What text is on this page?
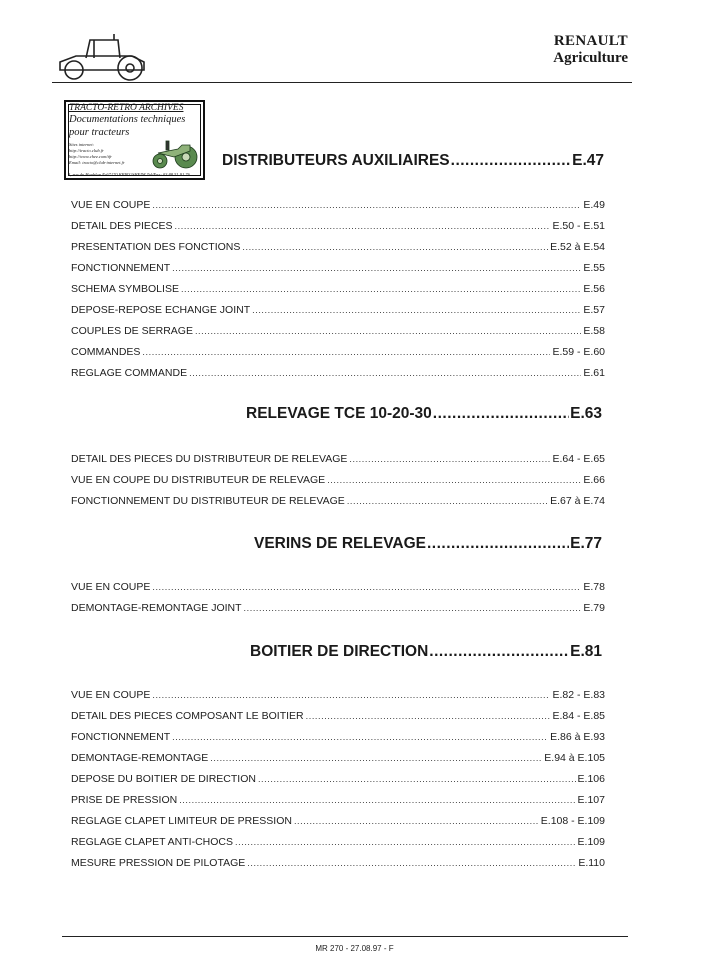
RENAULT
Agriculture
TRACTO-RETRO ARCHIVES
Documentations techniques
pour tracteurs
Sites internet:
http://tracto.club.fr
http://www.chez.com/tfr
Email: tracto@club-internet.fr
3, rue du Houblon F-67170 KRIEGSHEIM Tel/Fax: 03 88 51 91 76
DISTRIBUTEURS AUXILIAIRES .....	E.47
VUE EN COUPE .....	E.49
DETAIL DES PIECES .....	E.50 - E.51
PRESENTATION DES FONCTIONS .....	E.52 à E.54
FONCTIONNEMENT .....	E.55
SCHEMA SYMBOLISE .....	E.56
DEPOSE-REPOSE ECHANGE JOINT .....	E.57
COUPLES DE SERRAGE .....	E.58
COMMANDES .....	E.59 - E.60
REGLAGE COMMANDE .....	E.61
RELEVAGE TCE 10-20-30 .....	E.63
DETAIL DES PIECES DU DISTRIBUTEUR DE RELEVAGE .....	E.64 - E.65
VUE EN COUPE DU DISTRIBUTEUR DE RELEVAGE .....	E.66
FONCTIONNEMENT DU DISTRIBUTEUR DE RELEVAGE .....	E.67 à E.74
VERINS DE RELEVAGE .....	E.77
VUE EN COUPE .....	E.78
DEMONTAGE-REMONTAGE JOINT .....	E.79
BOITIER DE DIRECTION .....	E.81
VUE EN COUPE .....	E.82 - E.83
DETAIL DES PIECES COMPOSANT LE BOITIER .....	E.84 - E.85
FONCTIONNEMENT .....	E.86 à E.93
DEMONTAGE-REMONTAGE .....	E.94 à E.105
DEPOSE DU BOITIER DE DIRECTION .....	E.106
PRISE DE PRESSION .....	E.107
REGLAGE CLAPET LIMITEUR DE PRESSION .....	E.108 - E.109
REGLAGE CLAPET ANTI-CHOCS .....	E.109
MESURE PRESSION DE PILOTAGE .....	E.110
MR 270 - 27.08.97 - F
